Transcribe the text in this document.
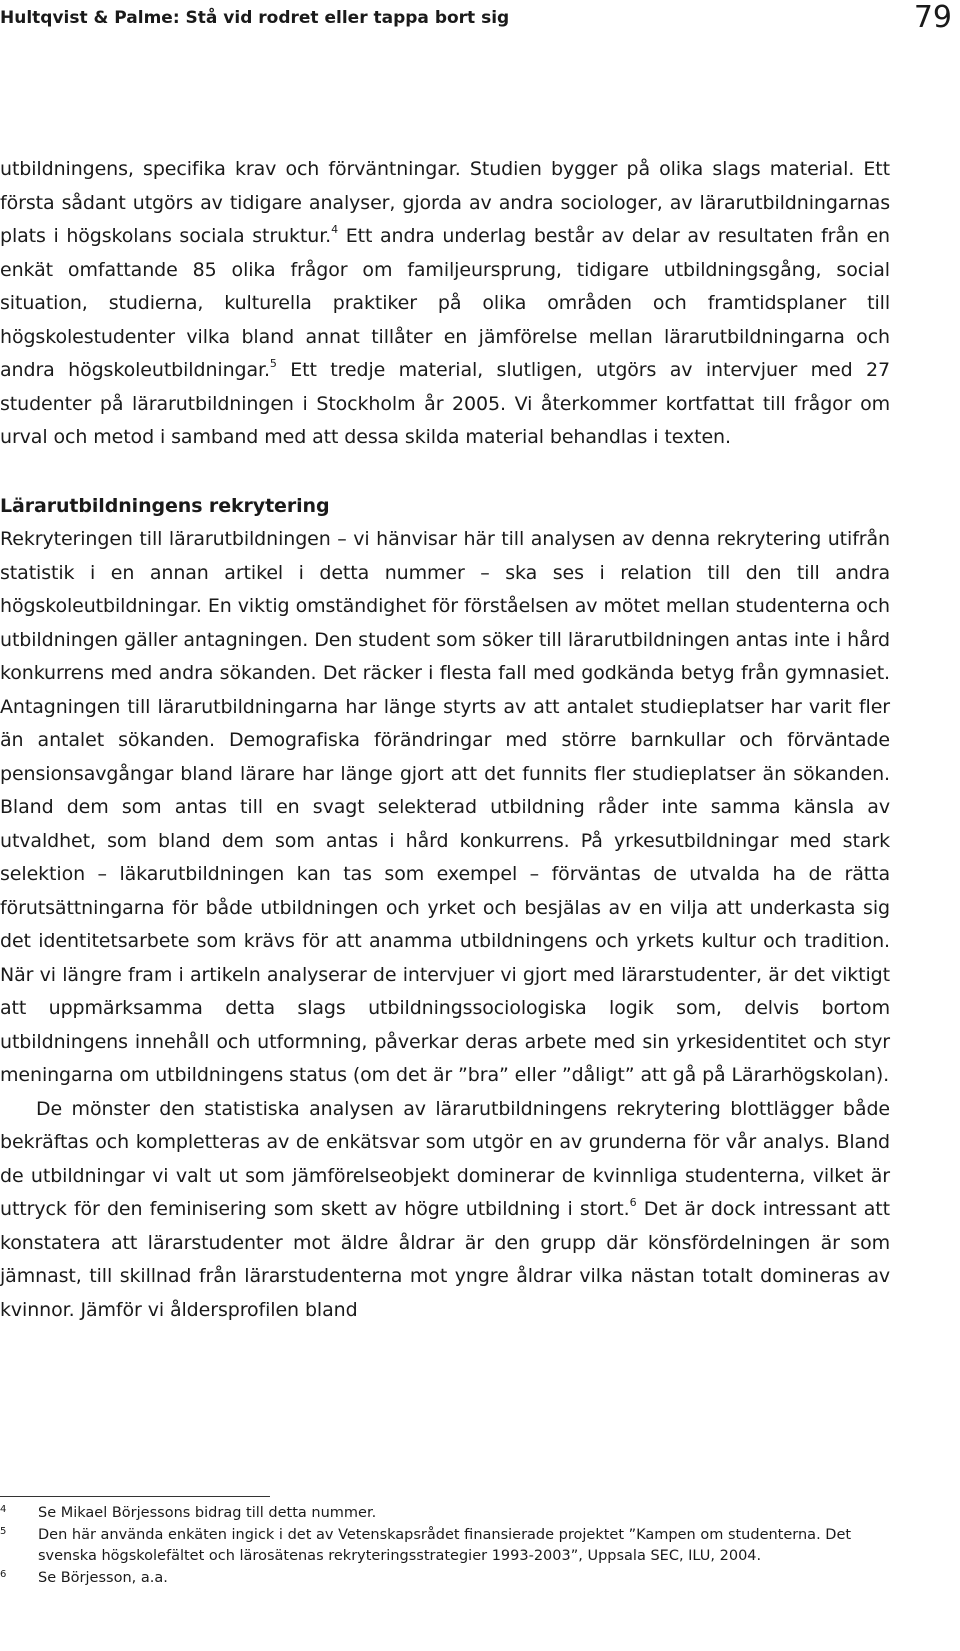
Hultqvist & Palme: Stå vid rodret eller tappa bort sig	79

utbildningens, specifika krav och förväntningar. Studien bygger på olika slags material. Ett första sådant utgörs av tidigare analyser, gjorda av andra sociologer, av lärarutbildningarnas plats i högskolans sociala struktur.$^4$ Ett andra underlag består av delar av resultaten från en enkät omfattande 85 olika frågor om familjeursprung, tidigare utbildningsgång, social situation, studierna, kulturella praktiker på olika områden och framtidsplaner till högskolestudenter vilka bland annat tillåter en jämförelse mellan lärarutbildningarna och andra högskoleutbildningar.$^5$ Ett tredje material, slutligen, utgörs av intervjuer med 27 studenter på lärarutbildningen i Stockholm år 2005. Vi återkommer kortfattat till frågor om urval och metod i samband med att dessa skilda material behandlas i texten.

Lärarutbildningens rekrytering

Rekryteringen till lärarutbildningen – vi hänvisar här till analysen av denna rekrytering utifrån statistik i en annan artikel i detta nummer – ska ses i relation till den till andra högskoleutbildningar. En viktig omständighet för förståelsen av mötet mellan studenterna och utbildningen gäller antagningen. Den student som söker till lärarutbildningen antas inte i hård konkurrens med andra sökanden. Det räcker i flesta fall med godkända betyg från gymnasiet. Antagningen till lärarutbildningarna har länge styrts av att antalet studieplatser har varit fler än antalet sökanden. Demografiska förändringar med större barnkullar och förväntade pensionsavgångar bland lärare har länge gjort att det funnits fler studieplatser än sökanden. Bland dem som antas till en svagt selekterad utbildning råder inte samma känsla av utvaldhet, som bland dem som antas i hård konkurrens. På yrkesutbildningar med stark selektion – läkarutbildningen kan tas som exempel – förväntas de utvalda ha de rätta förutsättningarna för både utbildningen och yrket och besjälas av en vilja att underkasta sig det identitetsarbete som krävs för att anamma utbildningens och yrkets kultur och tradition. När vi längre fram i artikeln analyserar de intervjuer vi gjort med lärarstudenter, är det viktigt att uppmärksamma detta slags utbildningssociologiska logik som, delvis bortom utbildningens innehåll och utformning, påverkar deras arbete med sin yrkesidentitet och styr meningarna om utbildningens status (om det är ”bra” eller ”dåligt” att gå på Lärarhögskolan).

De mönster den statistiska analysen av lärarutbildningens rekrytering blottlägger både bekräftas och kompletteras av de enkätsvar som utgör en av grunderna för vår analys. Bland de utbildningar vi valt ut som jämförelseobjekt dominerar de kvinnliga studenterna, vilket är uttryck för den feminisering som skett av högre utbildning i stort.$^6$ Det är dock intressant att konstatera att lärarstudenter mot äldre åldrar är den grupp där könsfördelningen är som jämnast, till skillnad från lärarstudenterna mot yngre åldrar vilka nästan totalt domineras av kvinnor. Jämför vi åldersprofilen bland

4 Se Mikael Börjessons bidrag till detta nummer.
5 Den här använda enkäten ingick i det av Vetenskapsrådet finansierade projektet ”Kampen om studenterna. Det svenska högskolefältet och lärosätenas rekryteringsstrategier 1993-2003”, Uppsala SEC, ILU, 2004.
6 Se Börjesson, a.a.
